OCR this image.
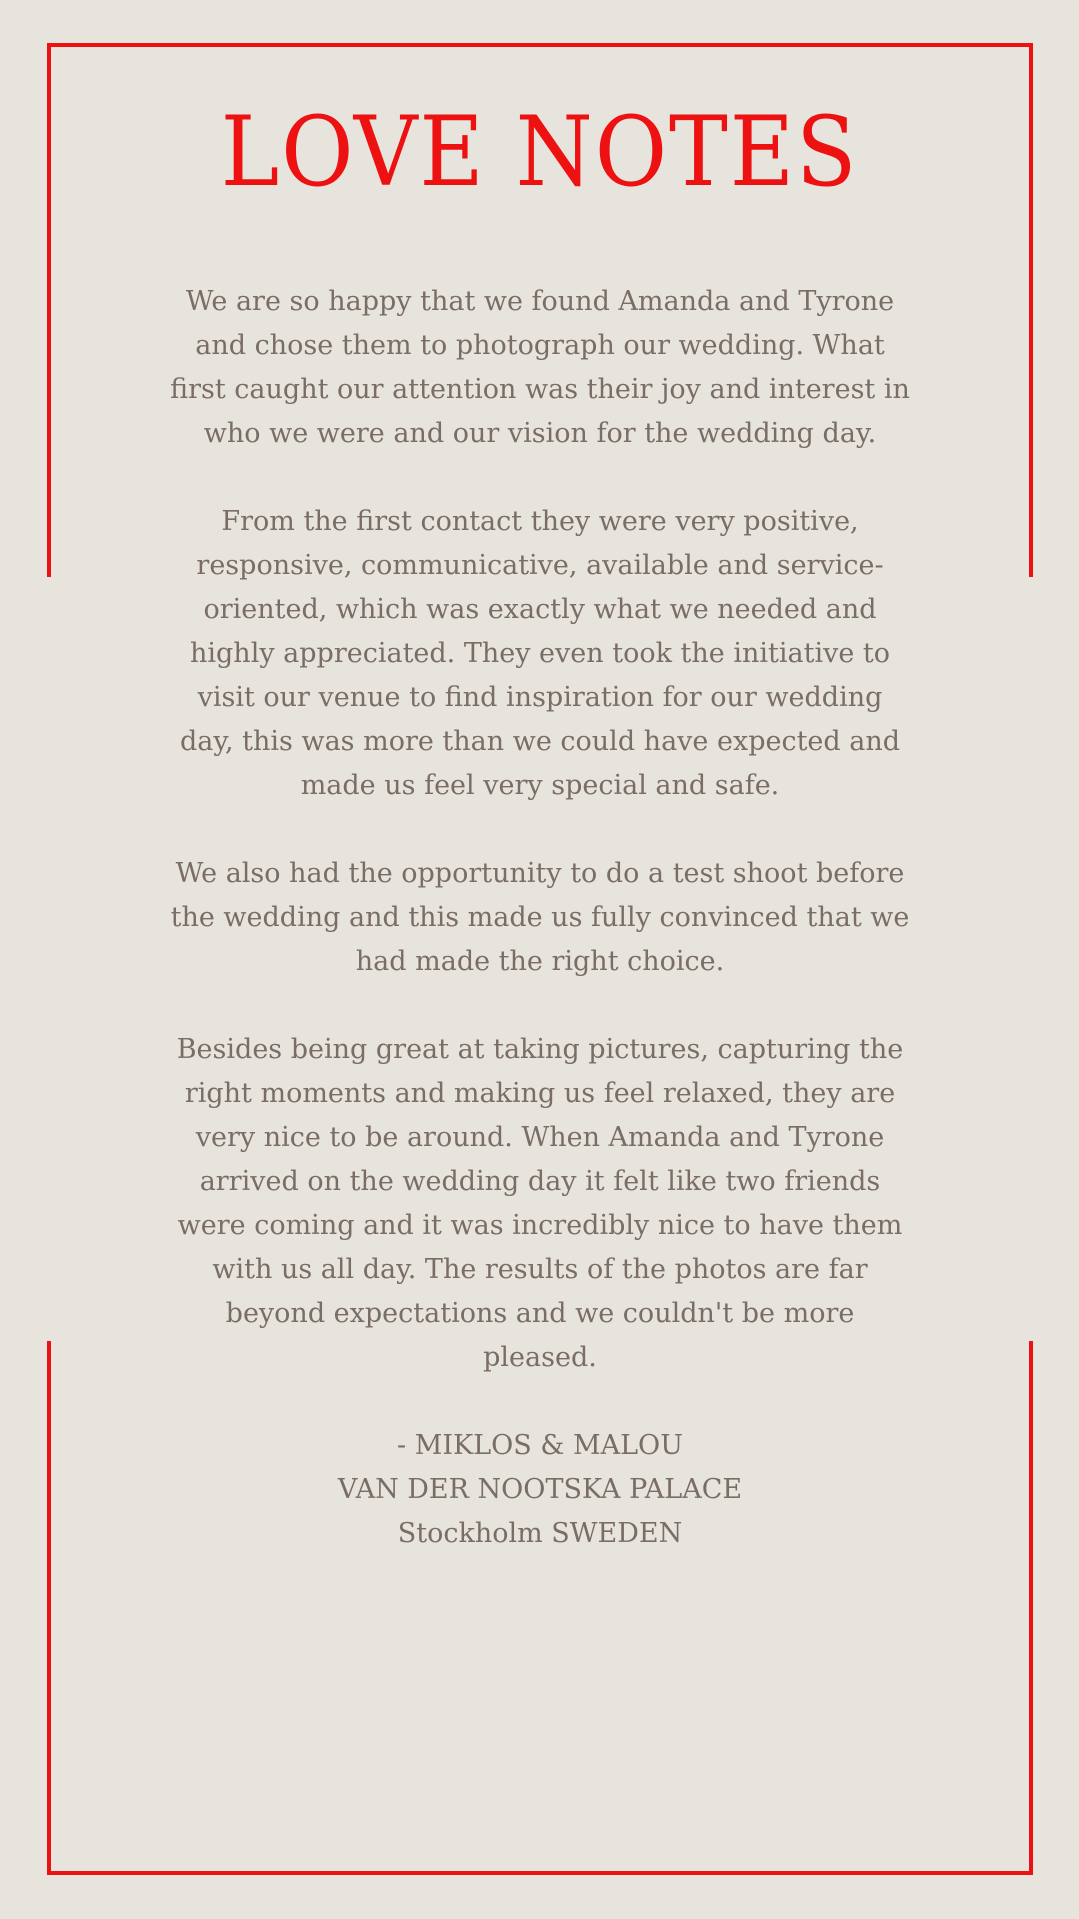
LOVE NOTES

We are so happy that we found Amanda and Tyrone and chose them to photograph our wedding. What first caught our attention was their joy and interest in who we were and our vision for the wedding day.

From the first contact they were very positive, responsive, communicative, available and service-oriented, which was exactly what we needed and highly appreciated. They even took the initiative to visit our venue to find inspiration for our wedding day, this was more than we could have expected and made us feel very special and safe.

We also had the opportunity to do a test shoot before the wedding and this made us fully convinced that we had made the right choice.

Besides being great at taking pictures, capturing the right moments and making us feel relaxed, they are very nice to be around. When Amanda and Tyrone arrived on the wedding day it felt like two friends were coming and it was incredibly nice to have them with us all day. The results of the photos are far beyond expectations and we couldn't be more pleased.

- MIKLOS & MALOU
VAN DER NOOTSKA PALACE
Stockholm SWEDEN
